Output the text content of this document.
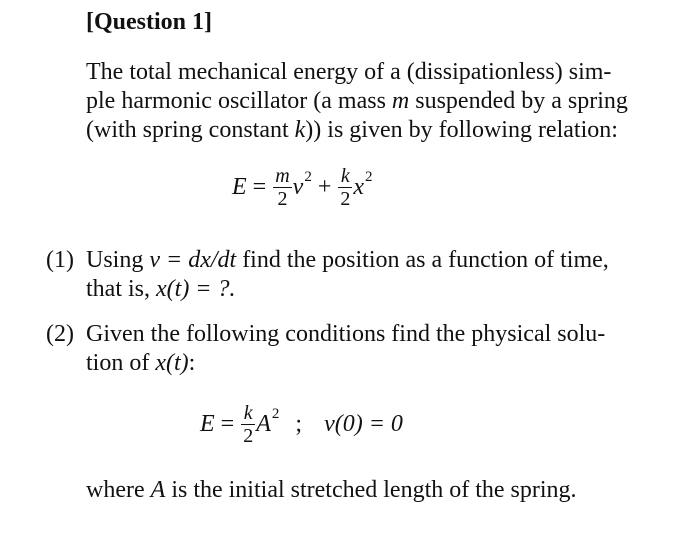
[Question 1]
The total mechanical energy of a (dissipationless) sim-
ple harmonic oscillator (a mass m suspended by a spring
(with spring constant k)) is given by following relation:
$E = \frac{m}{2}$ v $2 + \frac{k}{2}$ x 2
(1) Using v = dx/dt find the position as a function of time,
that is, x(t) = ?.
(2) Given the following conditions find the physical solu-
tion of x(t):
$E = \frac{k}{2}$ A 2 ; v(0) = 0
where A is the initial stretched length of the spring.
